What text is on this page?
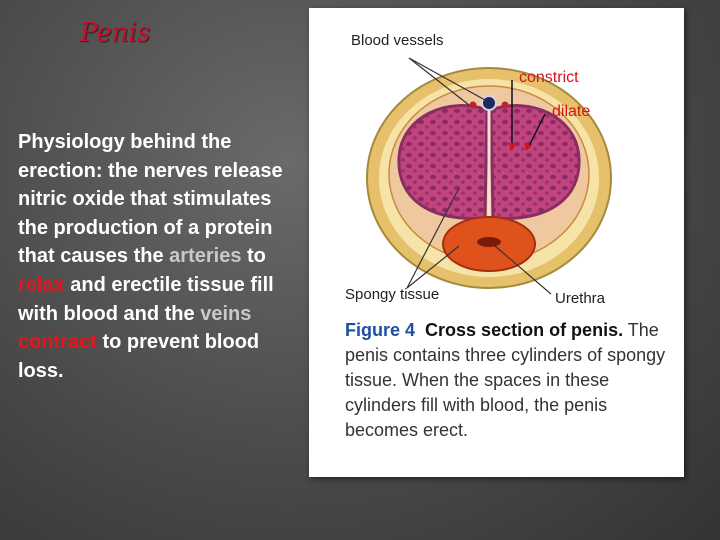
Penis
Physiology behind the erection: the nerves release nitric oxide that stimulates the production of a protein that causes the arteries to relax and erectile tissue fill with blood and the veins contract to prevent blood loss.
Blood vessels
constrict
dilate
Spongy tissue	Urethra
Figure 4 Cross section of penis. The penis contains three cylinders of spongy tissue. When the spaces in these cylinders fill with blood, the penis becomes erect.
